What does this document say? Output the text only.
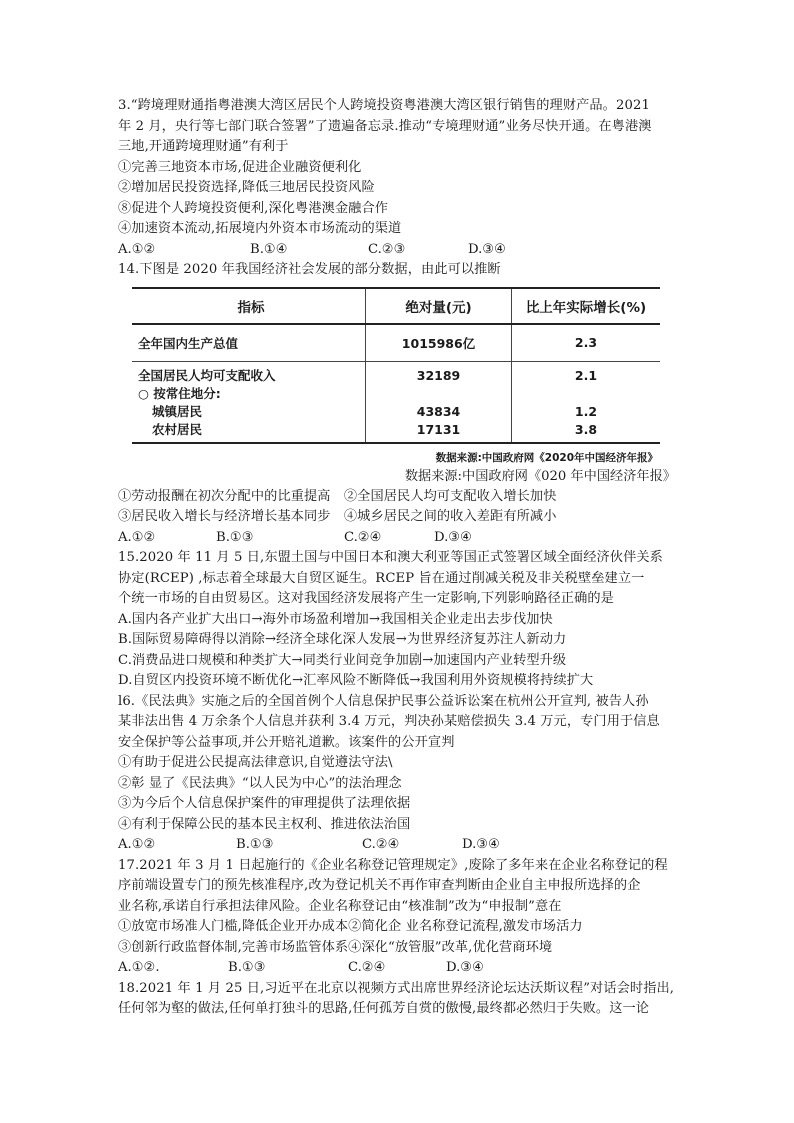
3.“跨境理财通指粤港澳大湾区居民个人跨境投资粤港澳大湾区银行销售的理财产品。2021
年 2 月，央行等七部门联合签署”了遗遍备忘录.推动“专境理财通”业务尽快开通。在粤港澳
三地,开通跨境理财通”有利于
①完善三地资本市场,促进企业融资便利化
②增加居民投资选择,降低三地居民投资风险
⑧促进个人跨境投资便利,深化粤港澳金融合作
④加速资本流动,拓展境内外资本市场流动的渠道
A.①②	B.①④	C.②③	D.③④
14.下图是 2020 年我国经济社会发展的部分数据，由此可以推断
指标	绝对量(元)	比上年实际增长(%)
全年国内生产总值	1015986亿	2.3
全国居民人均可支配收入	32189	2.1
○ 按常住地分:		
城镇居民	43834	1.2
农村居民	17131	3.8
数据来源:中国政府网《2020年中国经济年报》
数据来源:中国政府网《020 年中国经济年报》
①劳动报酬在初次分配中的比重提高　②全国居民人均可支配收入增长加快
③居民收入增长与经济增长基本同步　④城乡居民之间的收入差距有所减小
A.①②	B.①③	C.②④	D.③④
15.2020 年 11 月 5 日,东盟土国与中国日本和澳大利亚等国正式签署区域全面经济伙伴关系
协定(RCEP) ,标志着全球最大自贸区诞生。RCEP 旨在通过削减关税及非关税壁垒建立一
个统一市场的自由贸易区。这对我国经济发展将产生一定影响,下列影响路径正确的是
A.国内各产业扩大出口→海外市场盈利增加→我国相关企业走出去步伐加快
B.国际贸易障碍得以消除→经济全球化深人发展→为世界经济复苏注人新动力
C.消费品进口规模和种类扩大→同类行业间竞争加剧→加速国内产业转型升级
D.自贸区内投资环境不断优化→汇率风险不断降低→我国利用外资规模将持续扩大
l6.《民法典》实施之后的全国首例个人信息保护民事公益诉讼案在杭州公开宣判, 被告人孙
某非法出售 4 万余条个人信息并获利 3.4 万元，判决孙某赔偿损失 3.4 万元，专门用于信息
安全保护等公益事项,并公开赔礼道歉。该案件的公开宣判
①有助于促进公民提高法律意识,自觉遵法守法\
②彰 显了《民法典》“以人民为中心”的法治理念
③为今后个人信息保护案件的审理提供了法理依据
④有利于保障公民的基本民主权利、推进依法治国
A.①②	B.①③	C.②④	D.③④
17.2021 年 3 月 1 日起施行的《企业名称登记管理规定》,废除了多年来在企业名称登记的程
序前端设置专门的预先核准程序,改为登记机关不再作审查判断由企业自主申报所选择的企
业名称,承诺自行承担法律风险。企业名称登记由“核准制”改为“申报制”意在
①放宽市场准人门槛,降低企业开办成本②简化企 业名称登记流程,激发市场活力
③创新行政监督体制,完善市场监管体系④深化“放管服”改革,优化营商环境
A.①②.	B.①③	C.②④	D.③④
18.2021 年 1 月 25 日,习近平在北京以视频方式出席世界经济论坛达沃斯议程”对话会时指出,
任何邻为壑的做法,任何单打独斗的思路,任何孤芳自赏的傲慢,最终都必然归于失败。这一论
